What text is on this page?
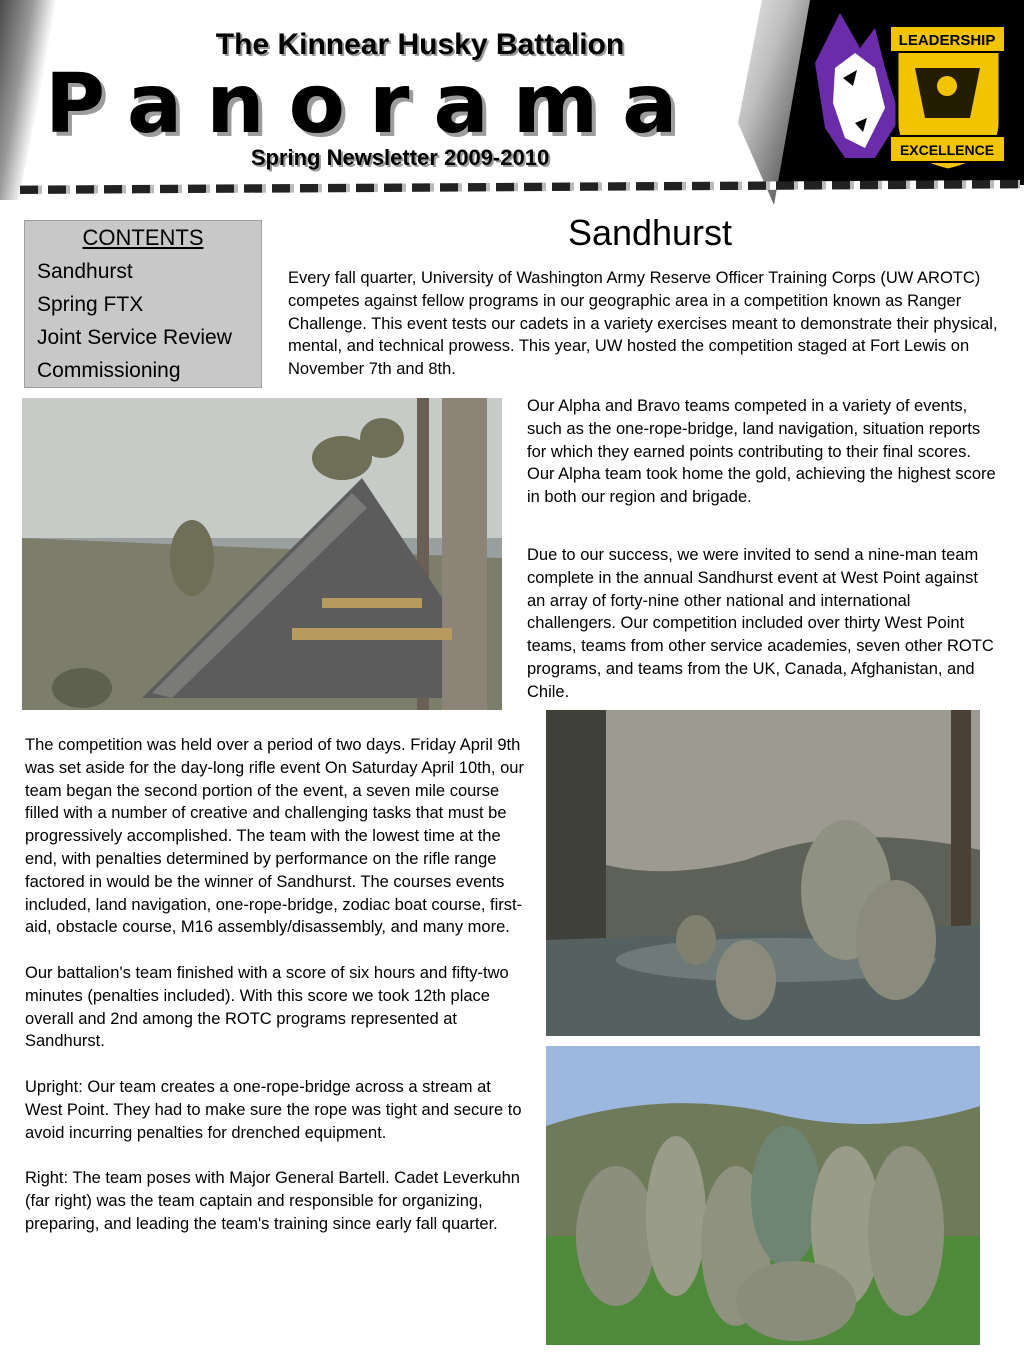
The Kinnear Husky Battalion
Panorama
Spring Newsletter 2009-2010
LEADERSHIP
EXCELLENCE
CONTENTS
Sandhurst
Spring FTX
Joint Service Review
Commissioning
Sandhurst

Every fall quarter, University of Washington Army Reserve Officer Training Corps (UW AROTC) competes against fellow programs in our geographic area in a competition known as Ranger Challenge. This event tests our cadets in a variety exercises meant to demonstrate their physical, mental, and technical prowess. This year, UW hosted the competition staged at Fort Lewis on November 7th and 8th.

Our Alpha and Bravo teams competed in a variety of events, such as the one-rope-bridge, land navigation, situation reports for which they earned points contributing to their final scores. Our Alpha team took home the gold, achieving the highest score in both our region and brigade.

Due to our success, we were invited to send a nine-man team complete in the annual Sandhurst event at West Point against an array of forty-nine other national and international challengers. Our competition included over thirty West Point teams, teams from other service academies, seven other ROTC programs, and teams from the UK, Canada, Afghanistan, and Chile.

The competition was held over a period of two days. Friday April 9th was set aside for the day-long rifle event On Saturday April 10th, our team began the second portion of the event, a seven mile course filled with a number of creative and challenging tasks that must be progressively accomplished. The team with the lowest time at the end, with penalties determined by performance on the rifle range factored in would be the winner of Sandhurst. The courses events included, land navigation, one-rope-bridge, zodiac boat course, first-aid, obstacle course, M16 assembly/disassembly, and many more.
Our battalion's team finished with a score of six hours and fifty-two minutes (penalties included). With this score we took 12th place overall and 2nd among the ROTC programs represented at Sandhurst.
Upright: Our team creates a one-rope-bridge across a stream at West Point. They had to make sure the rope was tight and secure to avoid incurring penalties for drenched equipment.
Right: The team poses with Major General Bartell. Cadet Leverkuhn (far right) was the team captain and responsible for organizing, preparing, and leading the team's training since early fall quarter.
